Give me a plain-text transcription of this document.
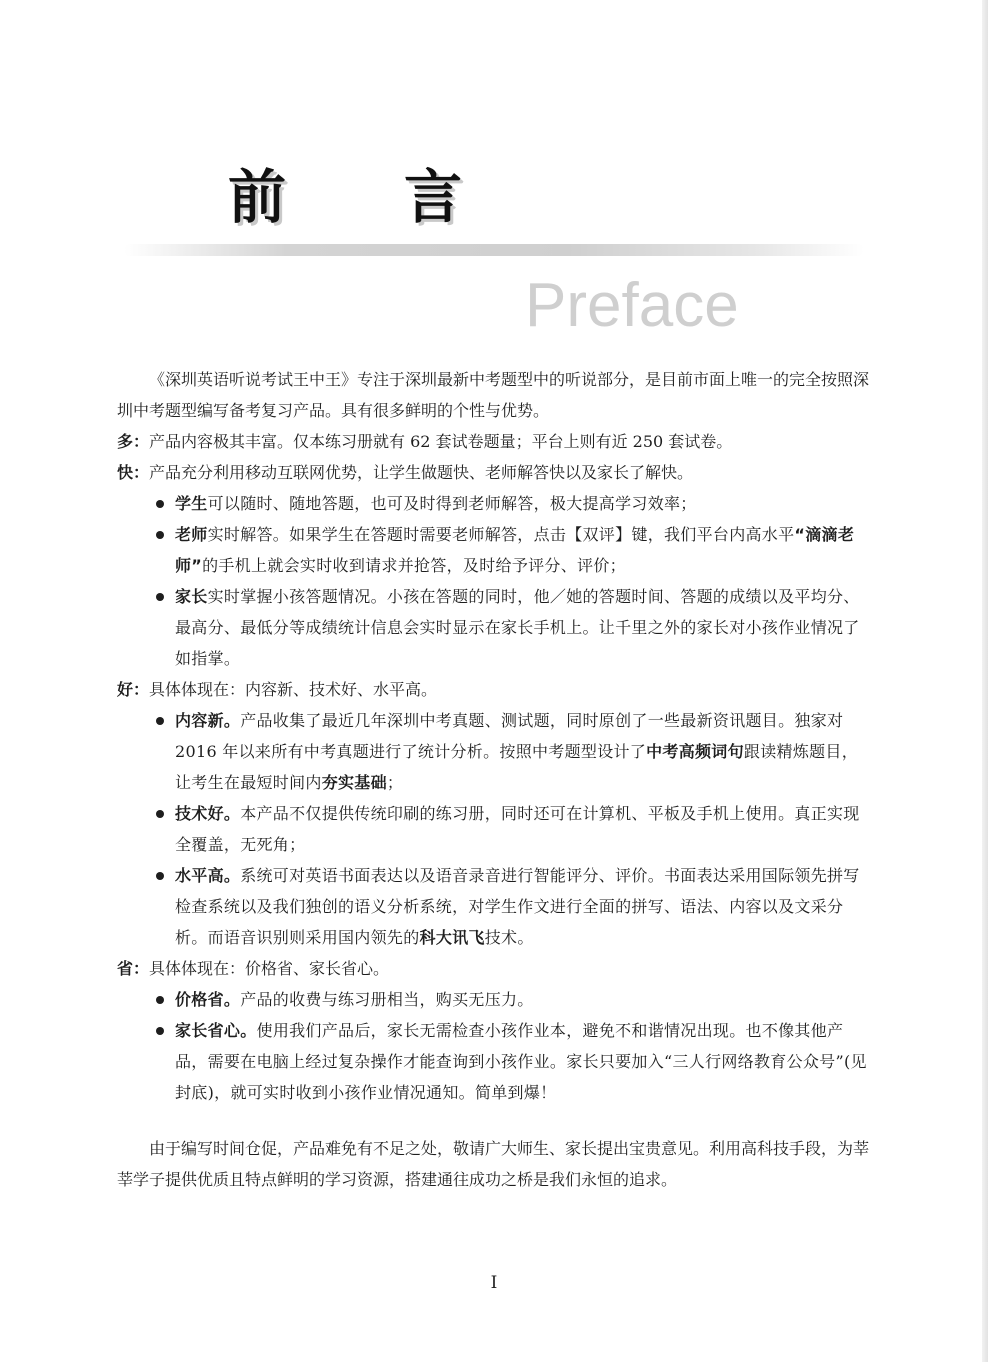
前言
Preface

《深圳英语听说考试王中王》专注于深圳最新中考题型中的听说部分，是目前市面上唯一的完全按照深圳中考题型编写备考复习产品。具有很多鲜明的个性与优势。

多：产品内容极其丰富。仅本练习册就有 62 套试卷题量；平台上则有近 250 套试卷。

快：产品充分利用移动互联网优势，让学生做题快、老师解答快以及家长了解快。

学生可以随时、随地答题，也可及时得到老师解答，极大提高学习效率；
老师实时解答。如果学生在答题时需要老师解答，点击【双评】键，我们平台内高水平“滴滴老师”的手机上就会实时收到请求并抢答，及时给予评分、评价；
家长实时掌握小孩答题情况。小孩在答题的同时，他／她的答题时间、答题的成绩以及平均分、最高分、最低分等成绩统计信息会实时显示在家长手机上。让千里之外的家长对小孩作业情况了如指掌。

好：具体体现在：内容新、技术好、水平高。

内容新。产品收集了最近几年深圳中考真题、测试题，同时原创了一些最新资讯题目。独家对 2016 年以来所有中考真题进行了统计分析。按照中考题型设计了中考高频词句跟读精炼题目，让考生在最短时间内夯实基础；
技术好。本产品不仅提供传统印刷的练习册，同时还可在计算机、平板及手机上使用。真正实现全覆盖，无死角；
水平高。系统可对英语书面表达以及语音录音进行智能评分、评价。书面表达采用国际领先拼写检查系统以及我们独创的语义分析系统，对学生作文进行全面的拼写、语法、内容以及文采分析。而语音识别则采用国内领先的科大讯飞技术。

省：具体体现在：价格省、家长省心。

价格省。产品的收费与练习册相当，购买无压力。
家长省心。使用我们产品后，家长无需检查小孩作业本，避免不和谐情况出现。也不像其他产品，需要在电脑上经过复杂操作才能查询到小孩作业。家长只要加入“三人行网络教育公众号”(见封底)，就可实时收到小孩作业情况通知。简单到爆！

由于编写时间仓促，产品难免有不足之处，敬请广大师生、家长提出宝贵意见。利用高科技手段，为莘莘学子提供优质且特点鲜明的学习资源，搭建通往成功之桥是我们永恒的追求。

I
